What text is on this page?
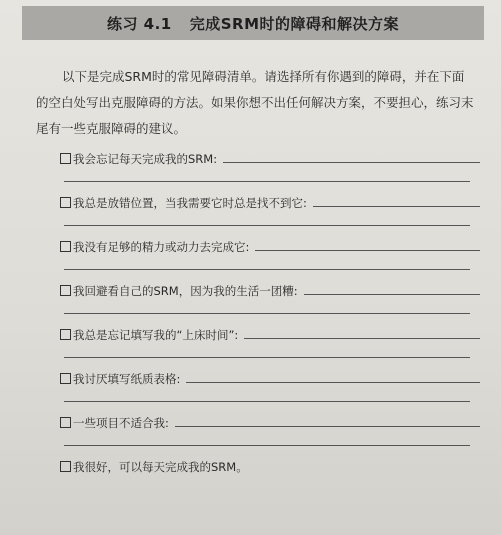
练习 4.1 完成SRM时的障碍和解决方案

以下是完成SRM时的常见障碍清单。请选择所有你遇到的障碍，并在下面的空白处写出克服障碍的方法。如果你想不出任何解决方案，不要担心，练习末尾有一些克服障碍的建议。

我会忘记每天完成我的SRM:
我总是放错位置，当我需要它时总是找不到它:
我没有足够的精力或动力去完成它:
我回避看自己的SRM，因为我的生活一团糟:
我总是忘记填写我的“上床时间”:
我讨厌填写纸质表格:
一些项目不适合我:
我很好，可以每天完成我的SRM。
